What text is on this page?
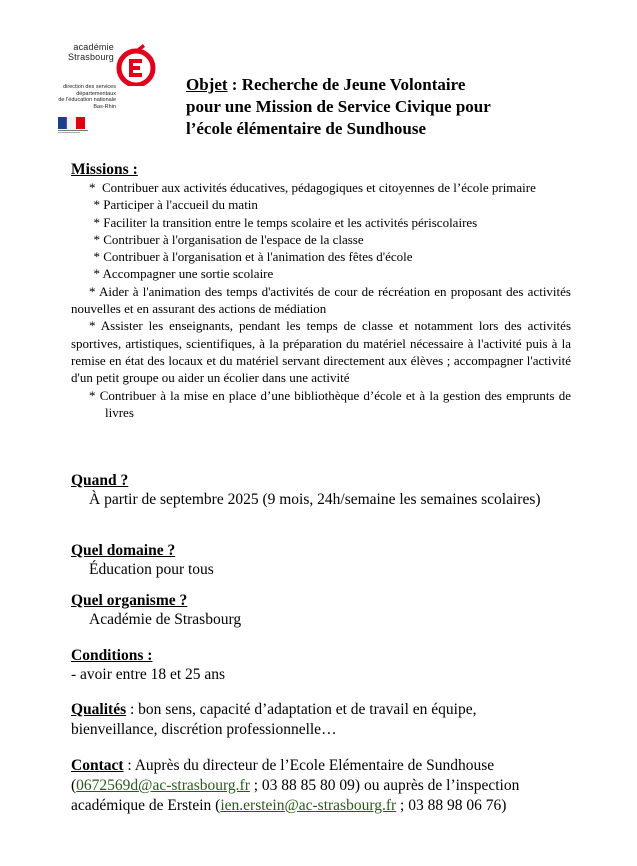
académie
Strasbourg
direction des services
départementaux
de l'éducation nationale
Bas-Rhin
Objet : Recherche de Jeune Volontaire
pour une Mission de Service Civique pour
l’école élémentaire de Sundhouse
Missions :

*  Contribuer aux activités éducatives, pédagogiques et citoyennes de l’école primaire

* Participer à l'accueil du matin

* Faciliter la transition entre le temps scolaire et les activités périscolaires

* Contribuer à l'organisation de l'espace de la classe

* Contribuer à l'organisation et à l'animation des fêtes d'école

* Accompagner une sortie scolaire

* Aider à l'animation des temps d'activités de cour de récréation en proposant des activités nouvelles et en assurant des actions de médiation

* Assister les enseignants, pendant les temps de classe et notamment lors des activités sportives, artistiques, scientifiques, à la préparation du matériel nécessaire à l'activité puis à la remise en état des locaux et du matériel servant directement aux élèves ; accompagner l'activité d'un petit groupe ou aider un écolier dans une activité

* Contribuer à la mise en place d’une bibliothèque d’école et à la gestion des emprunts de livres

Quand ?
À partir de septembre 2025 (9 mois, 24h/semaine les semaines scolaires)
Quel domaine ?
Éducation pour tous
Quel organisme ?
Académie de Strasbourg
Conditions :
- avoir entre 18 et 25 ans
Qualités : bon sens, capacité d’adaptation et de travail en équipe, bienveillance, discrétion professionnelle…
Contact : Auprès du directeur de l’Ecole Elémentaire de Sundhouse (0672569d@ac-strasbourg.fr ; 03 88 85 80 09) ou auprès de l’inspection académique de Erstein (ien.erstein@ac-strasbourg.fr ; 03 88 98 06 76)
